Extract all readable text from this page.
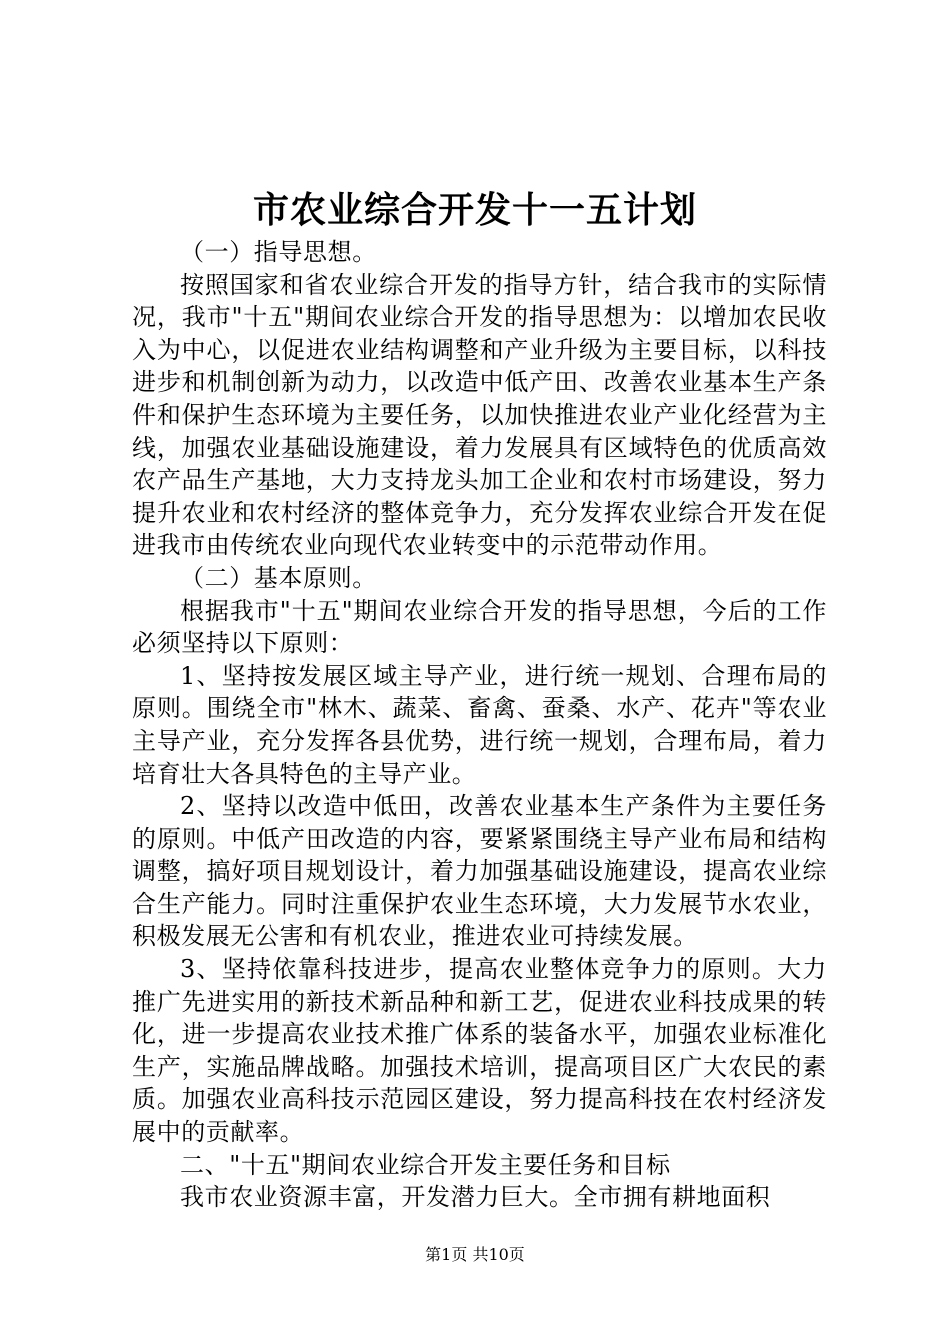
市农业综合开发十一五计划

（一）指导思想。

按照国家和省农业综合开发的指导方针，结合我市的实际情况，我市"十五"期间农业综合开发的指导思想为：以增加农民收入为中心，以促进农业结构调整和产业升级为主要目标，以科技进步和机制创新为动力，以改造中低产田、改善农业基本生产条件和保护生态环境为主要任务，以加快推进农业产业化经营为主线，加强农业基础设施建设，着力发展具有区域特色的优质高效农产品生产基地，大力支持龙头加工企业和农村市场建设，努力提升农业和农村经济的整体竞争力，充分发挥农业综合开发在促进我市由传统农业向现代农业转变中的示范带动作用。

（二）基本原则。

根据我市"十五"期间农业综合开发的指导思想，今后的工作必须坚持以下原则：

1、坚持按发展区域主导产业，进行统一规划、合理布局的原则。围绕全市"林木、蔬菜、畜禽、蚕桑、水产、花卉"等农业主导产业，充分发挥各县优势，进行统一规划，合理布局，着力培育壮大各具特色的主导产业。

2、坚持以改造中低田，改善农业基本生产条件为主要任务的原则。中低产田改造的内容，要紧紧围绕主导产业布局和结构调整，搞好项目规划设计，着力加强基础设施建设，提高农业综合生产能力。同时注重保护农业生态环境，大力发展节水农业，积极发展无公害和有机农业，推进农业可持续发展。

3、坚持依靠科技进步，提高农业整体竞争力的原则。大力推广先进实用的新技术新品种和新工艺，促进农业科技成果的转化，进一步提高农业技术推广体系的装备水平，加强农业标准化生产，实施品牌战略。加强技术培训，提高项目区广大农民的素质。加强农业高科技示范园区建设，努力提高科技在农村经济发展中的贡献率。

二、"十五"期间农业综合开发主要任务和目标

我市农业资源丰富，开发潜力巨大。全市拥有耕地面积

第1页 共10页
